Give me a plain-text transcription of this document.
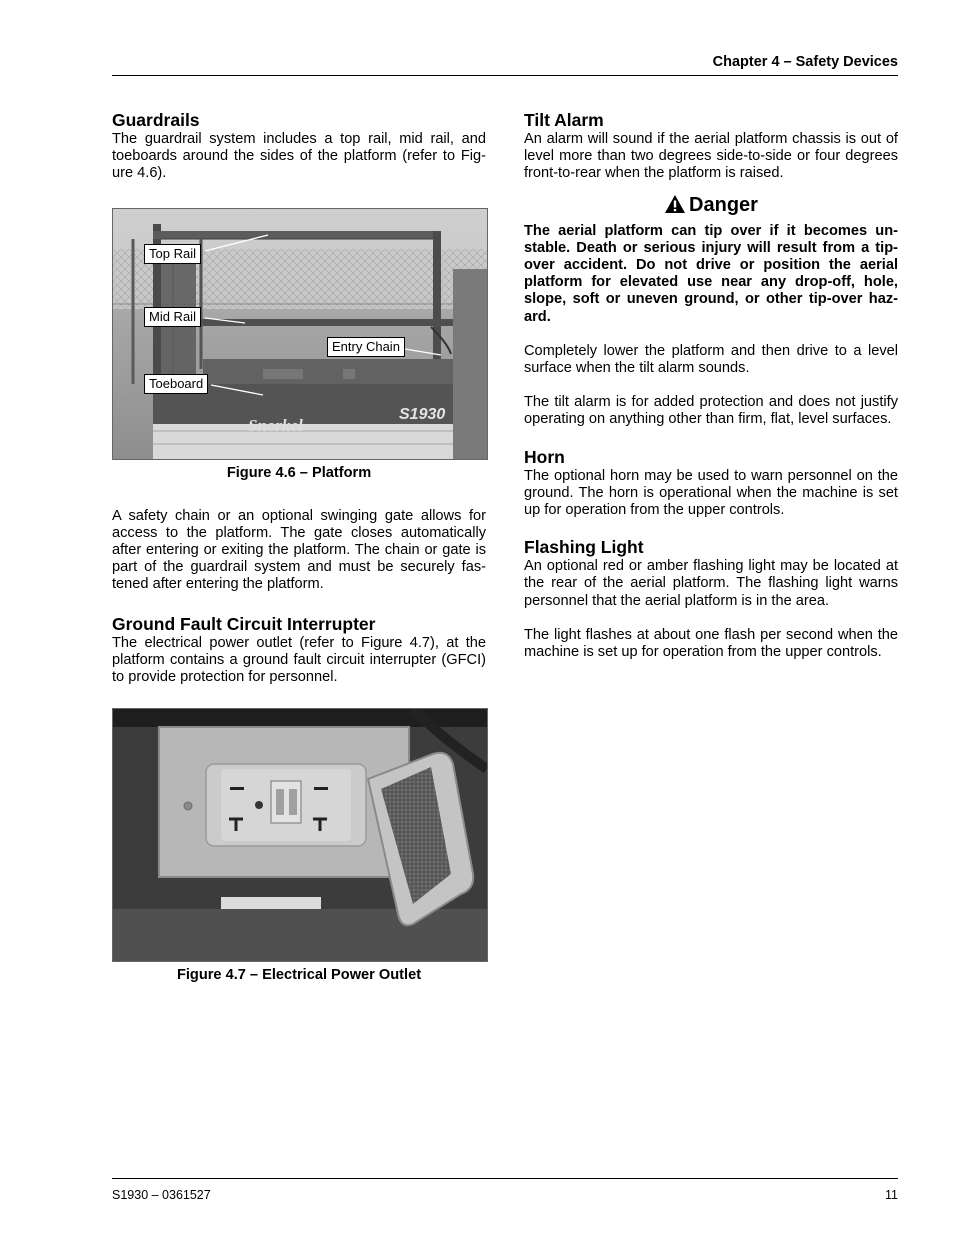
Chapter 4 – Safety Devices
Guardrails

The guardrail system includes a top rail, mid rail, and toeboards around the sides of the platform (refer to Fig-ure 4.6).

Snorkel
S1930
Top Rail
Mid Rail
Entry Chain
Toeboard
Figure 4.6 – Platform

A safety chain or an optional swinging gate allows for access to the platform. The gate closes automatically after entering or exiting the platform. The chain or gate is part of the guardrail system and must be securely fas-tened after entering the platform.

Ground Fault Circuit Interrupter

The electrical power outlet (refer to Figure 4.7), at the platform contains a ground fault circuit interrupter (GFCI) to provide protection for personnel.

Figure 4.7 – Electrical Power Outlet
Tilt Alarm

An alarm will sound if the aerial platform chassis is out of level more than two degrees side-to-side or four degrees front-to-rear when the platform is raised.

Danger

The aerial platform can tip over if it becomes un-stable. Death or serious injury will result from a tip-over accident. Do not drive or position the aerial platform for elevated use near any drop-off, hole, slope, soft or uneven ground, or other tip-over haz-ard.

Completely lower the platform and then drive to a level surface when the tilt alarm sounds.

The tilt alarm is for added protection and does not justify operating on anything other than firm, flat, level surfaces.

Horn

The optional horn may be used to warn personnel on the ground. The horn is operational when the machine is set up for operation from the upper controls.

Flashing Light

An optional red or amber flashing light may be located at the rear of the aerial platform. The flashing light warns personnel that the aerial platform is in the area.

The light flashes at about one flash per second when the machine is set up for operation from the upper controls.

S1930 – 0361527	11
